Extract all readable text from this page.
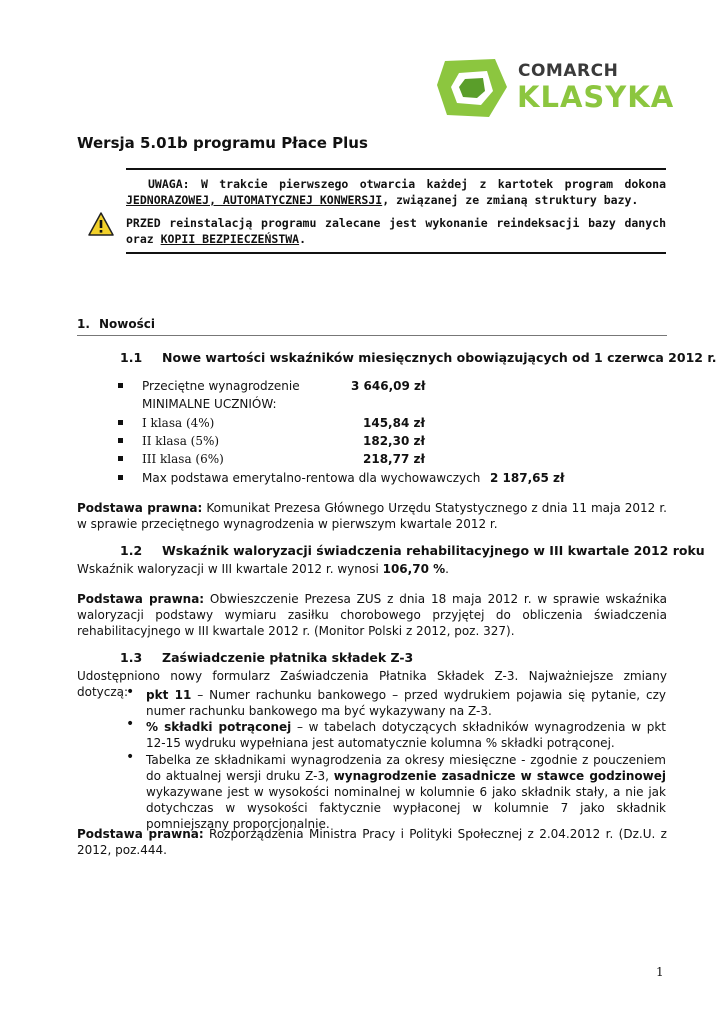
COMARCH
KLASYKA
Wersja 5.01b programu Płace Plus
UWAGA: W trakcie pierwszego otwarcia każdej z kartotek program dokona JEDNORAZOWEJ, AUTOMATYCZNEJ KONWERSJI, związanej ze zmianą struktury bazy.
PRZED reinstalacją programu zalecane jest wykonanie reindeksacji bazy danych oraz KOPII BEZPIECZEŃSTWA.
1. Nowości
1.1 Nowe wartości wskaźników miesięcznych obowiązujących od 1 czerwca 2012 r.
Przeciętne wynagrodzenie	3 646,09 zł
MINIMALNE UCZNIÓW:
I klasa (4%)	145,84 zł
II klasa (5%)	182,30 zł
III klasa (6%)	218,77 zł
Max podstawa emerytalno-rentowa dla wychowawczych 2 187,65 zł
Podstawa prawna: Komunikat Prezesa Głównego Urzędu Statystycznego z dnia 11 maja 2012 r. w sprawie przeciętnego wynagrodzenia w pierwszym kwartale 2012 r.
1.2 Wskaźnik waloryzacji świadczenia rehabilitacyjnego w III kwartale 2012 roku
Wskaźnik waloryzacji w III kwartale 2012 r. wynosi 106,70 %.
Podstawa prawna: Obwieszczenie Prezesa ZUS z dnia 18 maja 2012 r. w sprawie wskaźnika waloryzacji podstawy wymiaru zasiłku chorobowego przyjętej do obliczenia świadczenia rehabilitacyjnego w III kwartale 2012 r. (Monitor Polski z 2012, poz. 327).
1.3 Zaświadczenie płatnika składek Z-3
Udostępniono nowy formularz Zaświadczenia Płatnika Składek Z-3. Najważniejsze zmiany dotyczą:
• pkt 11 – Numer rachunku bankowego – przed wydrukiem pojawia się pytanie, czy numer rachunku bankowego ma być wykazywany na Z-3.
• % składki potrąconej – w tabelach dotyczących składników wynagrodzenia w pkt 12-15 wydruku wypełniana jest automatycznie kolumna % składki potrąconej.
• Tabelka ze składnikami wynagrodzenia za okresy miesięczne - zgodnie z pouczeniem do aktualnej wersji druku Z-3, wynagrodzenie zasadnicze w stawce godzinowej wykazywane jest w wysokości nominalnej w kolumnie 6 jako składnik stały, a nie jak dotychczas w wysokości faktycznie wypłaconej w kolumnie 7 jako składnik pomniejszany proporcjonalnie.
Podstawa prawna: Rozporządzenia Ministra Pracy i Polityki Społecznej z 2.04.2012 r. (Dz.U. z 2012, poz.444.
1
